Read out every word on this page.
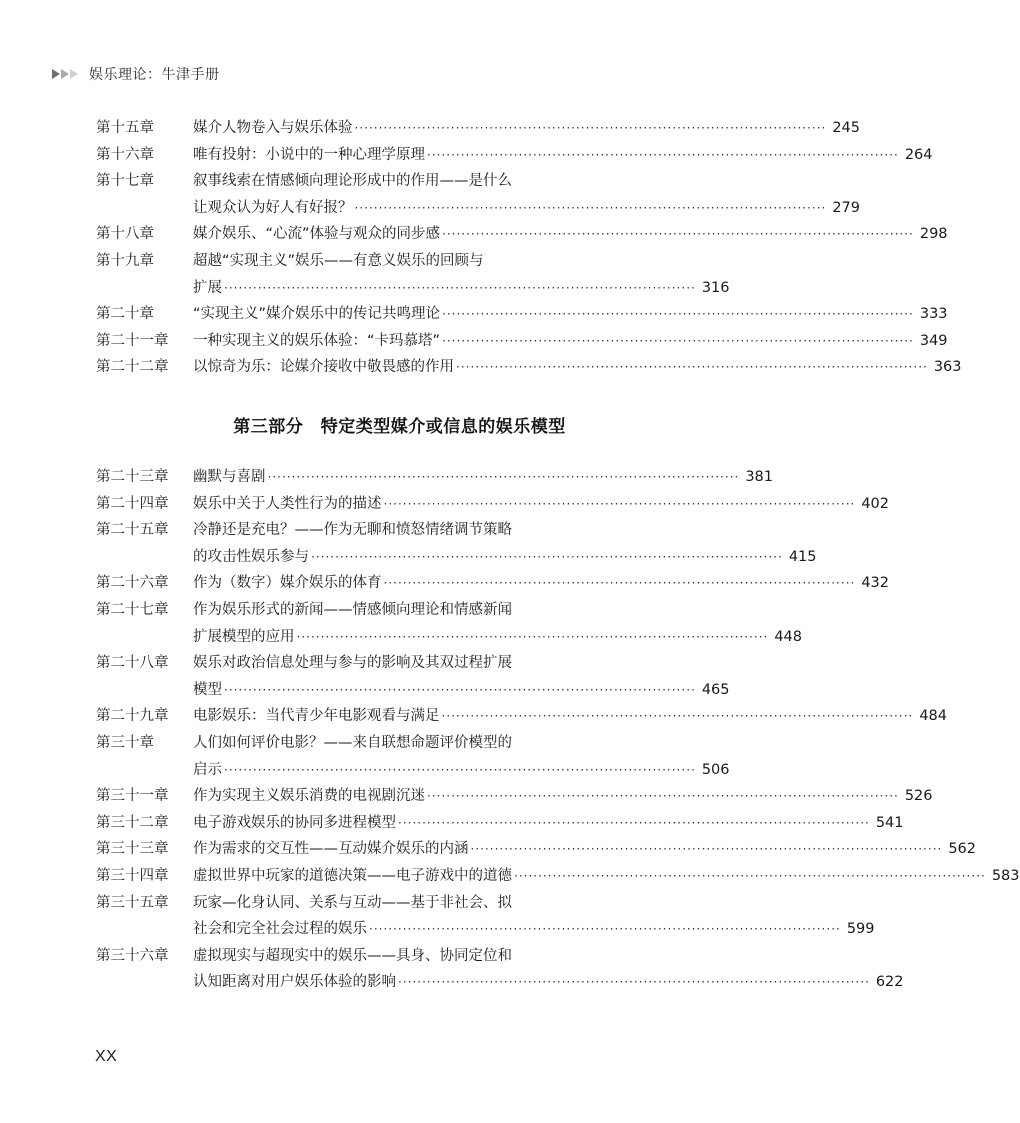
娱乐理论：牛津手册
第十五章	媒介人物卷入与娱乐体验 ·································································································· 245
第十六章	唯有投射：小说中的一种心理学原理 ·································································································· 264
第十七章	叙事线索在情感倾向理论形成中的作用——是什么
让观众认为好人有好报？ ·································································································· 279
第十八章	媒介娱乐、“心流”体验与观众的同步感 ·································································································· 298
第十九章	超越“实现主义”娱乐——有意义娱乐的回顾与
扩展 ·································································································· 316
第二十章	“实现主义”媒介娱乐中的传记共鸣理论 ·································································································· 333
第二十一章 一种实现主义的娱乐体验：“卡玛慕塔” ·································································································· 349
第二十二章 以惊奇为乐：论媒介接收中敬畏感的作用 ·································································································· 363
第三部分　特定类型媒介或信息的娱乐模型
第二十三章 幽默与喜剧 ·································································································· 381
第二十四章 娱乐中关于人类性行为的描述 ·································································································· 402
第二十五章 冷静还是充电？——作为无聊和愤怒情绪调节策略
的攻击性娱乐参与 ·································································································· 415
第二十六章 作为（数字）媒介娱乐的体育 ·································································································· 432
第二十七章 作为娱乐形式的新闻——情感倾向理论和情感新闻
扩展模型的应用 ·································································································· 448
第二十八章 娱乐对政治信息处理与参与的影响及其双过程扩展
模型 ·································································································· 465
第二十九章 电影娱乐：当代青少年电影观看与满足 ·································································································· 484
第三十章	人们如何评价电影？——来自联想命题评价模型的
启示 ·································································································· 506
第三十一章 作为实现主义娱乐消费的电视剧沉迷 ·································································································· 526
第三十二章 电子游戏娱乐的协同多进程模型 ·································································································· 541
第三十三章 作为需求的交互性——互动媒介娱乐的内涵 ·································································································· 562
第三十四章 虚拟世界中玩家的道德决策——电子游戏中的道德 ·································································································· 583
第三十五章 玩家—化身认同、关系与互动——基于非社会、拟
社会和完全社会过程的娱乐 ·································································································· 599
第三十六章 虚拟现实与超现实中的娱乐——具身、协同定位和
认知距离对用户娱乐体验的影响 ·································································································· 622
XX
